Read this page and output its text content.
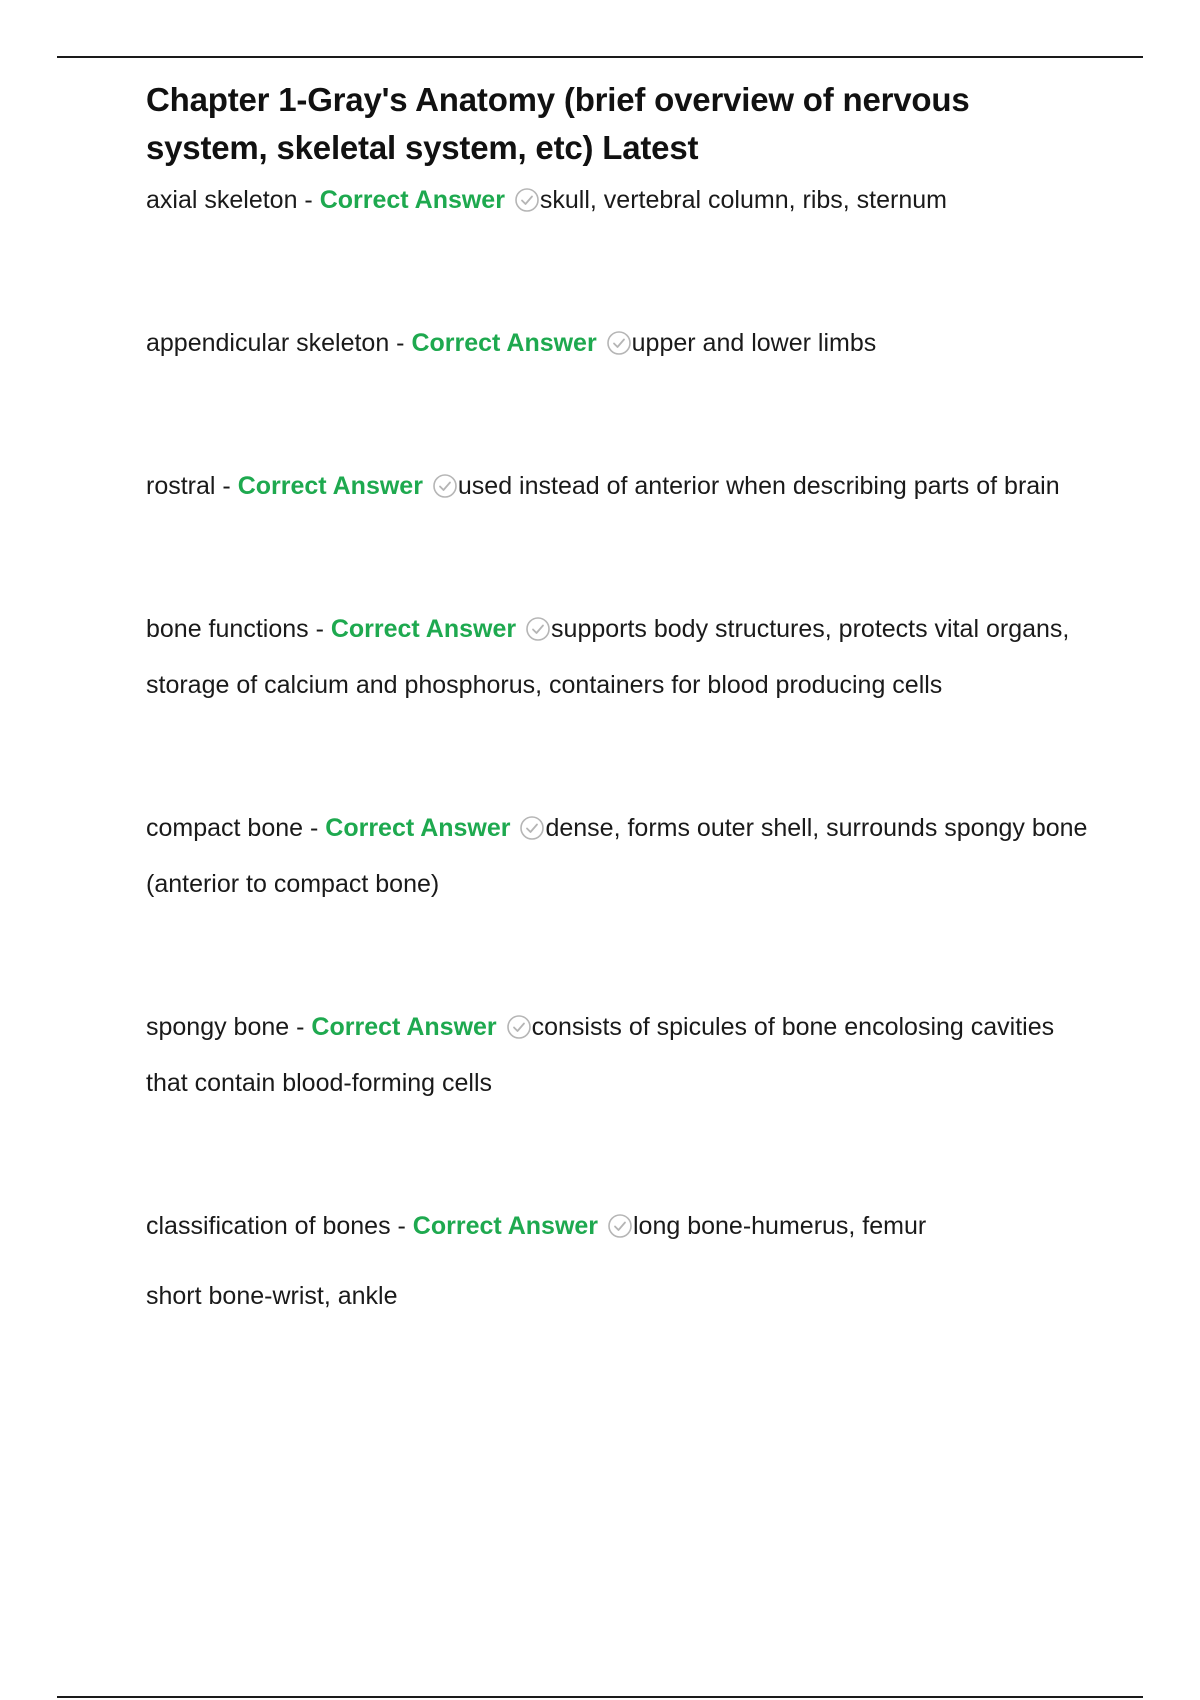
Chapter 1-Gray's Anatomy (brief overview of nervous system, skeletal system, etc) Latest

axial skeleton - Correct Answer skull, vertebral column, ribs, sternum

appendicular skeleton - Correct Answer upper and lower limbs

rostral - Correct Answer used instead of anterior when describing parts of brain

bone functions - Correct Answer supports body structures, protects vital organs, storage of calcium and phosphorus, containers for blood producing cells

compact bone - Correct Answer dense, forms outer shell, surrounds spongy bone (anterior to compact bone)

spongy bone - Correct Answer consists of spicules of bone encolosing cavities that contain blood-forming cells

classification of bones - Correct Answer long bone-humerus, femur
short bone-wrist, ankle
